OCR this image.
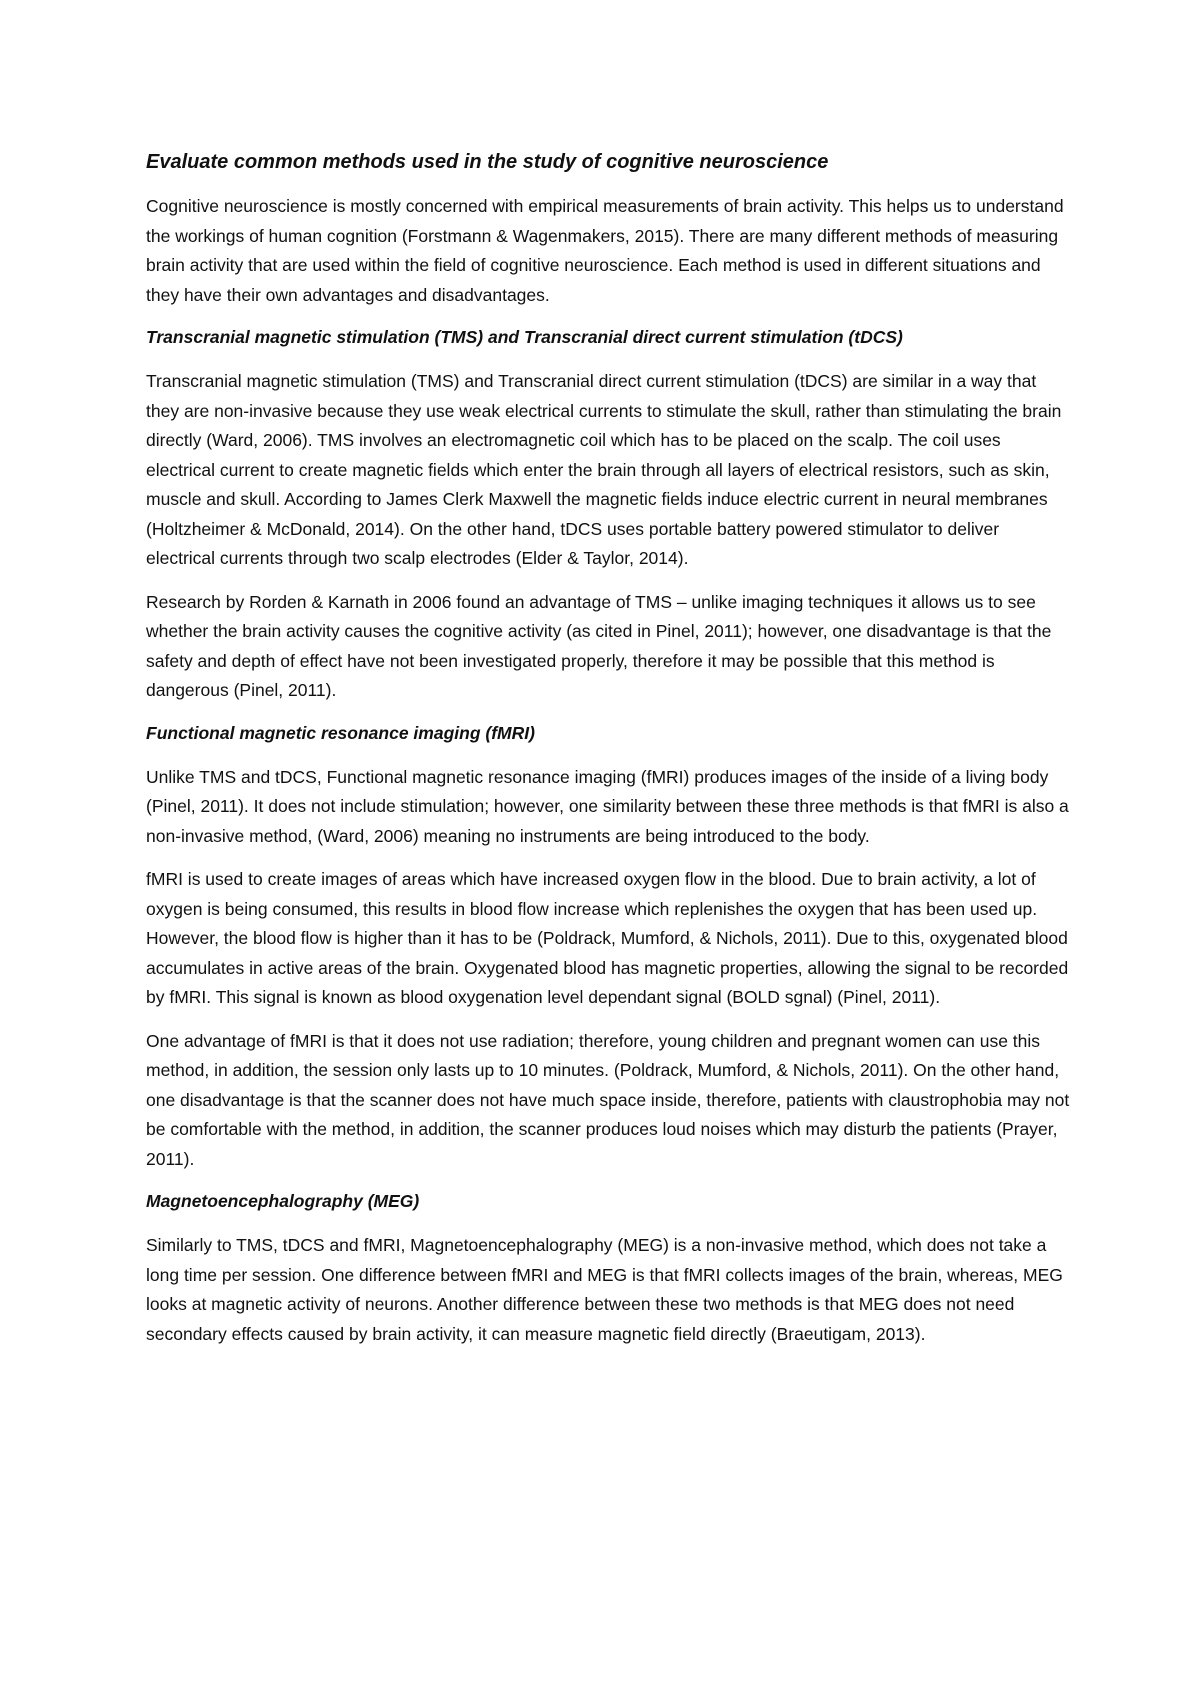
Evaluate common methods used in the study of cognitive neuroscience

Cognitive neuroscience is mostly concerned with empirical measurements of brain activity. This helps us to understand the workings of human cognition (Forstmann & Wagenmakers, 2015). There are many different methods of measuring brain activity that are used within the field of cognitive neuroscience. Each method is used in different situations and they have their own advantages and disadvantages.

Transcranial magnetic stimulation (TMS) and Transcranial direct current stimulation (tDCS)

Transcranial magnetic stimulation (TMS) and Transcranial direct current stimulation (tDCS) are similar in a way that they are non-invasive because they use weak electrical currents to stimulate the skull, rather than stimulating the brain directly (Ward, 2006). TMS involves an electromagnetic coil which has to be placed on the scalp. The coil uses electrical current to create magnetic fields which enter the brain through all layers of electrical resistors, such as skin, muscle and skull. According to James Clerk Maxwell the magnetic fields induce electric current in neural membranes (Holtzheimer & McDonald, 2014). On the other hand, tDCS uses portable battery powered stimulator to deliver electrical currents through two scalp electrodes (Elder & Taylor, 2014).

Research by Rorden & Karnath in 2006 found an advantage of TMS – unlike imaging techniques it allows us to see whether the brain activity causes the cognitive activity (as cited in Pinel, 2011); however, one disadvantage is that the safety and depth of effect have not been investigated properly, therefore it may be possible that this method is dangerous (Pinel, 2011).

Functional magnetic resonance imaging (fMRI)

Unlike TMS and tDCS, Functional magnetic resonance imaging (fMRI) produces images of the inside of a living body (Pinel, 2011). It does not include stimulation; however, one similarity between these three methods is that fMRI is also a non-invasive method, (Ward, 2006) meaning no instruments are being introduced to the body.

fMRI is used to create images of areas which have increased oxygen flow in the blood. Due to brain activity, a lot of oxygen is being consumed, this results in blood flow increase which replenishes the oxygen that has been used up. However, the blood flow is higher than it has to be (Poldrack, Mumford, & Nichols, 2011). Due to this, oxygenated blood accumulates in active areas of the brain. Oxygenated blood has magnetic properties, allowing the signal to be recorded by fMRI. This signal is known as blood oxygenation level dependant signal (BOLD sgnal) (Pinel, 2011).

One advantage of fMRI is that it does not use radiation; therefore, young children and pregnant women can use this method, in addition, the session only lasts up to 10 minutes. (Poldrack, Mumford, & Nichols, 2011). On the other hand, one disadvantage is that the scanner does not have much space inside, therefore, patients with claustrophobia may not be comfortable with the method, in addition, the scanner produces loud noises which may disturb the patients (Prayer, 2011).

Magnetoencephalography (MEG)

Similarly to TMS, tDCS and fMRI, Magnetoencephalography (MEG) is a non-invasive method, which does not take a long time per session. One difference between fMRI and MEG is that fMRI collects images of the brain, whereas, MEG looks at magnetic activity of neurons. Another difference between these two methods is that MEG does not need secondary effects caused by brain activity, it can measure magnetic field directly (Braeutigam, 2013).
